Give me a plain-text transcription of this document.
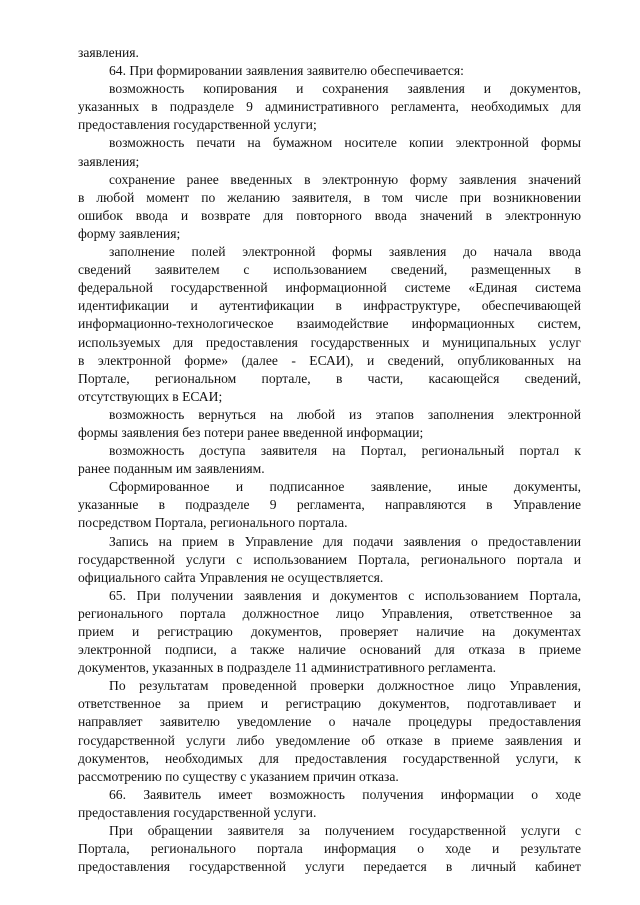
заявления.
64. При формировании заявления заявителю обеспечивается:
возможность копирования и сохранения заявления и документов,
указанных в подразделе 9 административного регламента, необходимых для
предоставления государственной услуги;
возможность печати на бумажном носителе копии электронной формы
заявления;
сохранение ранее введенных в электронную форму заявления значений
в любой момент по желанию заявителя, в том числе при возникновении
ошибок ввода и возврате для повторного ввода значений в электронную
форму заявления;
заполнение полей электронной формы заявления до начала ввода
сведений заявителем с использованием сведений, размещенных в
федеральной государственной информационной системе «Единая система
идентификации и аутентификации в инфраструктуре, обеспечивающей
информационно-технологическое взаимодействие информационных систем,
используемых для предоставления государственных и муниципальных услуг
в электронной форме» (далее - ЕСАИ), и сведений, опубликованных на
Портале, региональном портале, в части, касающейся сведений,
отсутствующих в ЕСАИ;
возможность вернуться на любой из этапов заполнения электронной
формы заявления без потери ранее введенной информации;
возможность доступа заявителя на Портал, региональный портал к
ранее поданным им заявлениям.
Сформированное и подписанное заявление, иные документы,
указанные в подразделе 9 регламента, направляются в Управление
посредством Портала, регионального портала.
Запись на прием в Управление для подачи заявления о предоставлении
государственной услуги с использованием Портала, регионального портала и
официального сайта Управления не осуществляется.
65. При получении заявления и документов с использованием Портала,
регионального портала должностное лицо Управления, ответственное за
прием и регистрацию документов, проверяет наличие на документах
электронной подписи, а также наличие оснований для отказа в приеме
документов, указанных в подразделе 11 административного регламента.
По результатам проведенной проверки должностное лицо Управления,
ответственное за прием и регистрацию документов, подготавливает и
направляет заявителю уведомление о начале процедуры предоставления
государственной услуги либо уведомление об отказе в приеме заявления и
документов, необходимых для предоставления государственной услуги, к
рассмотрению по существу с указанием причин отказа.
66. Заявитель имеет возможность получения информации о ходе
предоставления государственной услуги.
При обращении заявителя за получением государственной услуги с
Портала, регионального портала информация о ходе и результате
предоставления государственной услуги передается в личный кабинет
